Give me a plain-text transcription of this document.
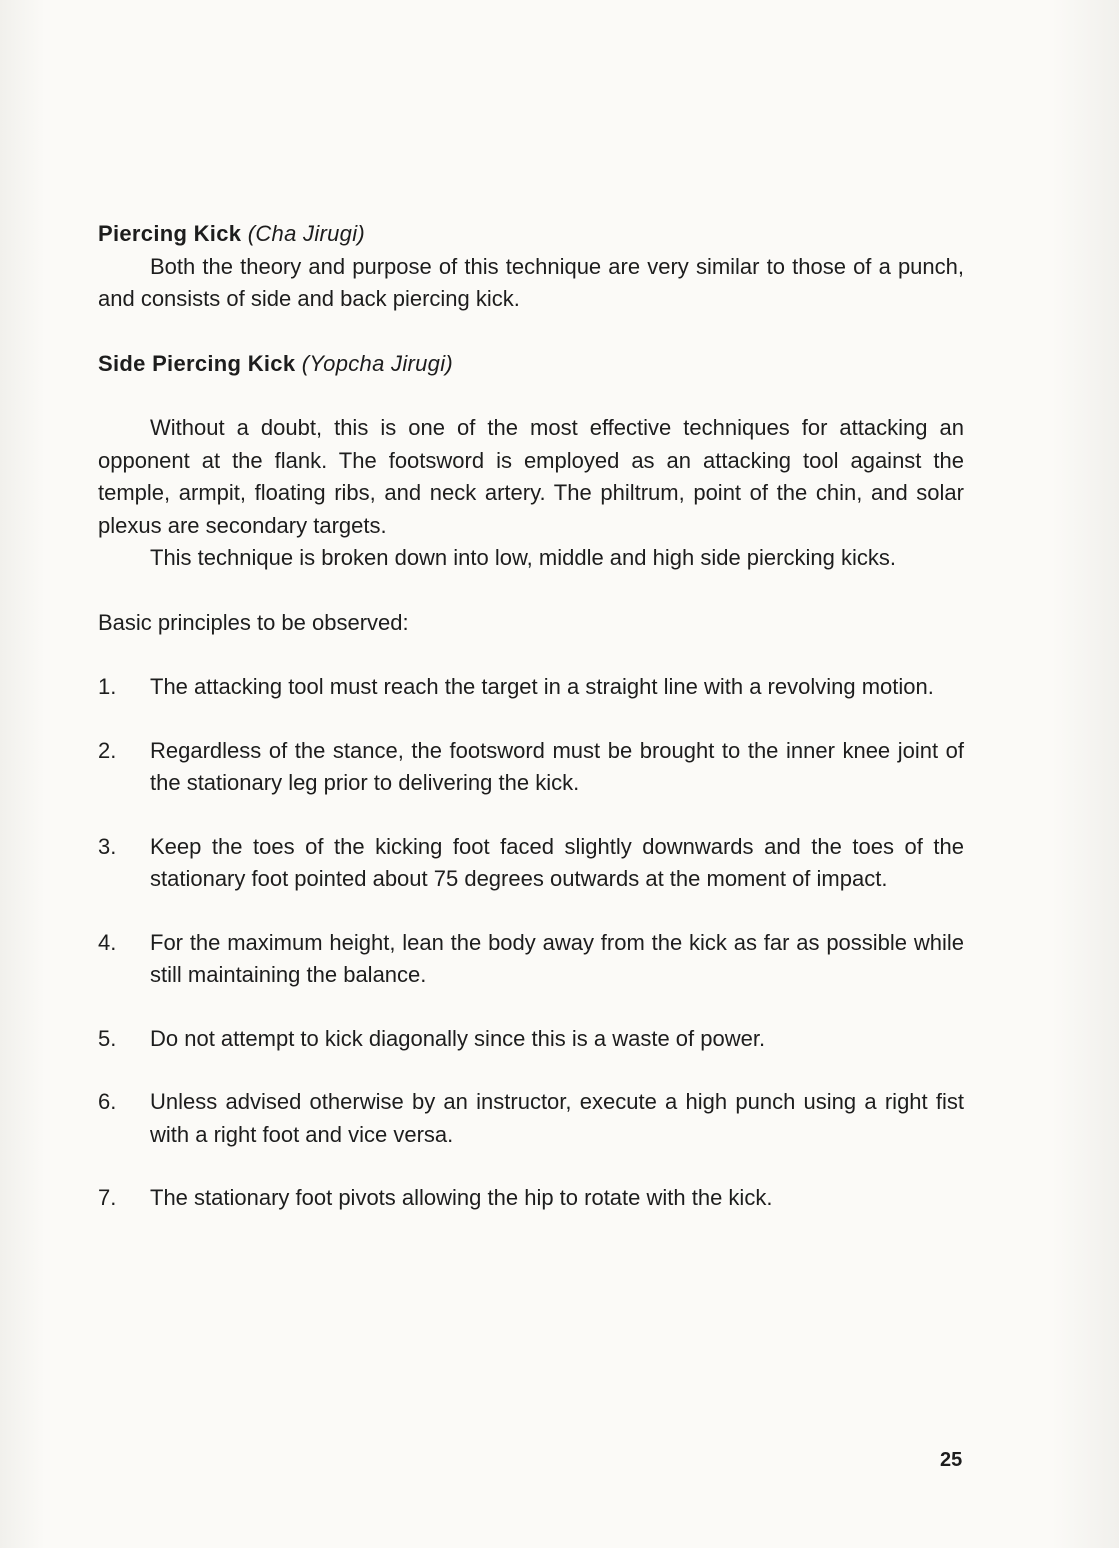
Piercing Kick (Cha Jirugi)

Both the theory and purpose of this technique are very similar to those of a punch, and consists of side and back piercing kick.

Side Piercing Kick (Yopcha Jirugi)

Without a doubt, this is one of the most effective techniques for attacking an opponent at the flank. The footsword is employed as an attacking tool against the temple, armpit, floating ribs, and neck artery. The philtrum, point of the chin, and solar plexus are secondary targets.

This technique is broken down into low, middle and high side piercking kicks.

Basic principles to be observed:

1.	The attacking tool must reach the target in a straight line with a revolving motion.
2.	Regardless of the stance, the footsword must be brought to the inner knee joint of the stationary leg prior to delivering the kick.
3.	Keep the toes of the kicking foot faced slightly downwards and the toes of the stationary foot pointed about 75 degrees outwards at the moment of impact.
4.	For the maximum height, lean the body away from the kick as far as possible while still maintaining the balance.
5.	Do not attempt to kick diagonally since this is a waste of power.
6.	Unless advised otherwise by an instructor, execute a high punch using a right fist with a right foot and vice versa.
7.	The stationary foot pivots allowing the hip to rotate with the kick.
25
